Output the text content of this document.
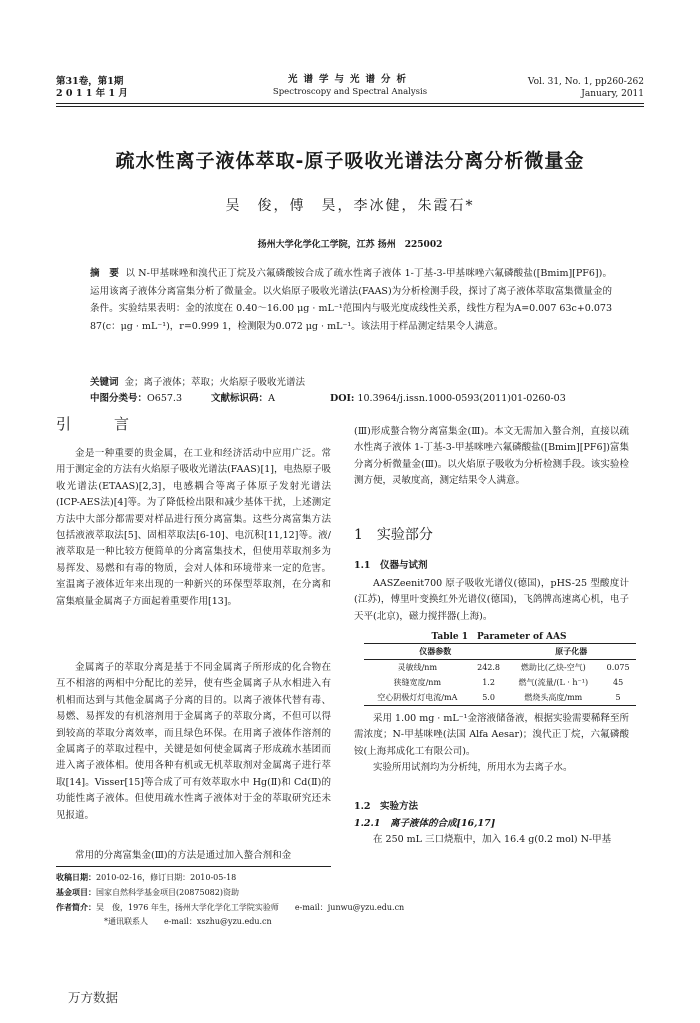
第31卷，第1期
2 0 1 1 年 1 月
光谱学与光谱分析
Spectroscopy and Spectral Analysis
Vol. 31, No. 1, pp260-262
January, 2011
疏水性离子液体萃取-原子吸收光谱法分离分析微量金
吴　俊，傅　昊，李冰健，朱霞石*
扬州大学化学化工学院，江苏 扬州　225002
摘　要 以 N-甲基咪唑和溴代正丁烷及六氟磷酸铵合成了疏水性离子液体 1-丁基-3-甲基咪唑六氟磷酸盐([Bmim][PF6])。运用该离子液体分离富集分析了微量金。以火焰原子吸收光谱法(FAAS)为分析检测手段，探讨了离子液体萃取富集微量金的条件。实验结果表明：金的浓度在 0.40～16.00 μg · mL⁻¹范围内与吸光度成线性关系，线性方程为A=0.007 63c+0.073 87(c：μg · mL⁻¹)，r=0.999 1，检测限为0.072 μg · mL⁻¹。该法用于样品测定结果令人满意。
关键词 金；离子液体；萃取；火焰原子吸收光谱法
中图分类号：O657.3	文献标识码：A	DOI: 10.3964/j.issn.1000-0593(2011)01-0260-03
引　言

金是一种重要的贵金属，在工业和经济活动中应用广泛。常用于测定金的方法有火焰原子吸收光谱法(FAAS)[1]，电热原子吸收光谱法(ETAAS)[2,3]，电感耦合等离子体原子发射光谱法(ICP-AES法)[4]等。为了降低检出限和减少基体干扰，上述测定方法中大部分都需要对样品进行预分离富集。这些分离富集方法包括液液萃取法[5]、固相萃取法[6-10]、电沉积[11,12]等。液/液萃取是一种比较方便简单的分离富集技术，但使用萃取剂多为易挥发、易燃和有毒的物质，会对人体和环境带来一定的危害。室温离子液体近年来出现的一种新兴的环保型萃取剂，在分离和富集痕量金属离子方面起着重要作用[13]。

金属离子的萃取分离是基于不同金属离子所形成的化合物在互不相溶的两相中分配比的差异，使有些金属离子从水相进入有机相而达到与其他金属离子分离的目的。以离子液体代替有毒、易燃、易挥发的有机溶剂用于金属离子的萃取分离，不但可以得到较高的萃取分离效率，而且绿色环保。在用离子液体作溶剂的金属离子的萃取过程中，关键是如何使金属离子形成疏水基团而进入离子液体相。使用各种有机或无机萃取剂对金属离子进行萃取[14]。Visser[15]等合成了可有效萃取水中 Hg(Ⅱ)和 Cd(Ⅱ)的功能性离子液体。但使用疏水性离子液体对于金的萃取研究还未见报道。

常用的分离富集金(Ⅲ)的方法是通过加入螯合剂和金

(Ⅲ)形成螯合物分离富集金(Ⅲ)。本文无需加入螯合剂，直接以疏水性离子液体 1-丁基-3-甲基咪唑六氟磷酸盐([Bmim][PF6])富集分离分析微量金(Ⅲ)。以火焰原子吸收为分析检测手段。该实验检测方便，灵敏度高，测定结果令人满意。

1　实验部分
1.1　仪器与试剂

AASZeenit700 原子吸收光谱仪(德国)，pHS-25 型酸度计(江苏)，傅里叶变换红外光谱仪(德国)，飞鸽牌高速离心机，电子天平(北京)，磁力搅拌器(上海)。

Table 1　Parameter of AAS
仪器参数		原子化器	
灵敏线/nm	242.8	燃助比(乙炔-空气)	0.075
狭缝宽度/nm	1.2	燃气(流量/(L · h⁻¹)	45
空心阴极灯灯电流/mA	5.0	燃烧头高度/mm	5

采用 1.00 mg · mL⁻¹金溶液储备液，根据实验需要稀释至所需浓度；N-甲基咪唑(法国 Alfa Aesar)；溴代正丁烷，六氟磷酸铵(上海邦成化工有限公司)。

实验所用试剂均为分析纯，所用水为去离子水。

1.2　实验方法
1.2.1　离子液体的合成[16,17]

在 250 mL 三口烧瓶中，加入 16.4 g(0.2 mol) N-甲基

收稿日期：2010-02-16，修订日期：2010-05-18
基金项目：国家自然科学基金项目(20875082)资助
作者简介：吴　俊，1976 年生，扬州大学化学化工学院实验师　　e-mail：junwu@yzu.edu.cn
*通讯联系人　　e-mail：xszhu@yzu.edu.cn
万方数据
